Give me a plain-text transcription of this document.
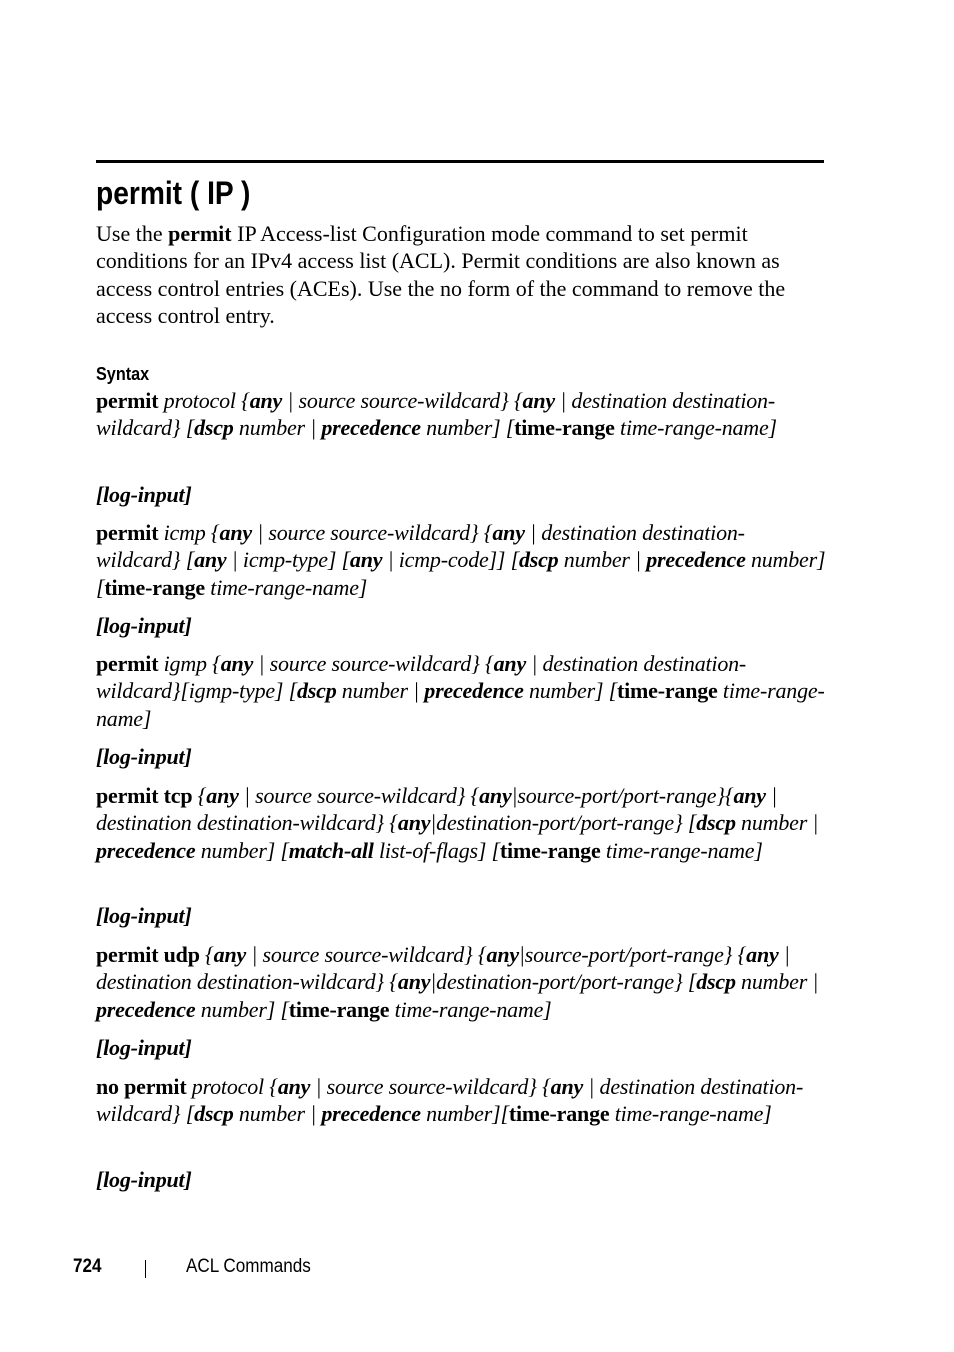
permit ( IP )

Use the permit IP Access-list Configuration mode command to set permit conditions for an IPv4 access list (ACL). Permit conditions are also known as access control entries (ACEs). Use the no form of the command to remove the access control entry.

Syntax

permit protocol {any | source source-wildcard} {any | destination destination-wildcard} [dscp number | precedence number] [time-range time-range-name]

[log-input]

permit icmp {any | source source-wildcard} {any | destination destination-wildcard} [any | icmp-type] [any | icmp-code]] [dscp number | precedence number] [time-range time-range-name]

[log-input]

permit igmp {any | source source-wildcard} {any | destination destination-wildcard}[igmp-type] [dscp number | precedence number] [time-range time-range-name]

[log-input]

permit tcp {any | source source-wildcard} {any|source-port/port-range}{any | destination destination-wildcard} {any|destination-port/port-range} [dscp number | precedence number] [match-all list-of-flags] [time-range time-range-name]

[log-input]

permit udp {any | source source-wildcard} {any|source-port/port-range} {any | destination destination-wildcard} {any|destination-port/port-range} [dscp number | precedence number] [time-range time-range-name]

[log-input]

no permit protocol {any | source source-wildcard} {any | destination destination-wildcard} [dscp number | precedence number][time-range time-range-name]

[log-input]

724	ACL Commands
